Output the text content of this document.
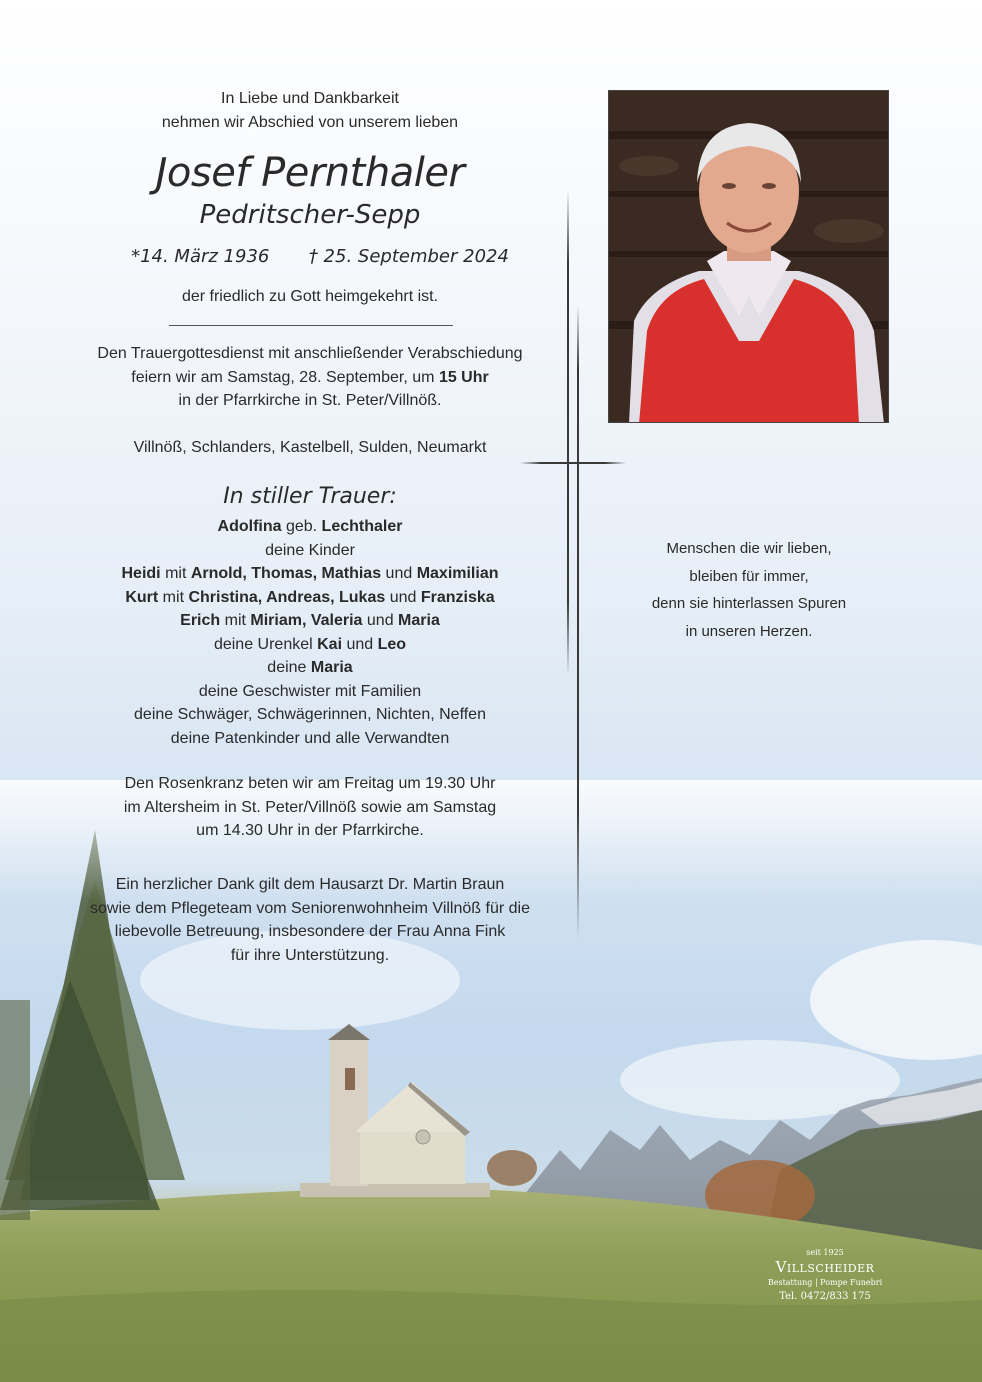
In Liebe und Dankbarkeit
nehmen wir Abschied von unserem lieben
Josef Pernthaler
Pedritscher-Sepp
*14. März 1936 † 25. September 2024
der friedlich zu Gott heimgekehrt ist.
Den Trauergottesdienst mit anschließender Verabschiedung
feiern wir am Samstag, 28. September, um 15 Uhr
in der Pfarrkirche in St. Peter/Villnöß.
Villnöß, Schlanders, Kastelbell, Sulden, Neumarkt
In stiller Trauer:
Adolfina geb. Lechthaler
deine Kinder
Heidi mit Arnold, Thomas, Mathias und Maximilian
Kurt mit Christina, Andreas, Lukas und Franziska
Erich mit Miriam, Valeria und Maria
deine Urenkel Kai und Leo
deine Maria
deine Geschwister mit Familien
deine Schwäger, Schwägerinnen, Nichten, Neffen
deine Patenkinder und alle Verwandten
Den Rosenkranz beten wir am Freitag um 19.30 Uhr
im Altersheim in St. Peter/Villnöß sowie am Samstag
um 14.30 Uhr in der Pfarrkirche.
Ein herzlicher Dank gilt dem Hausarzt Dr. Martin Braun
sowie dem Pflegeteam vom Seniorenwohnheim Villnöß für die
liebevolle Betreuung, insbesondere der Frau Anna Fink
für ihre Unterstützung.
Menschen die wir lieben,
bleiben für immer,
denn sie hinterlassen Spuren
in unseren Herzen.
seit 1925
Villscheider
Bestattung | Pompe Funebri
Tel. 0472/833 175
